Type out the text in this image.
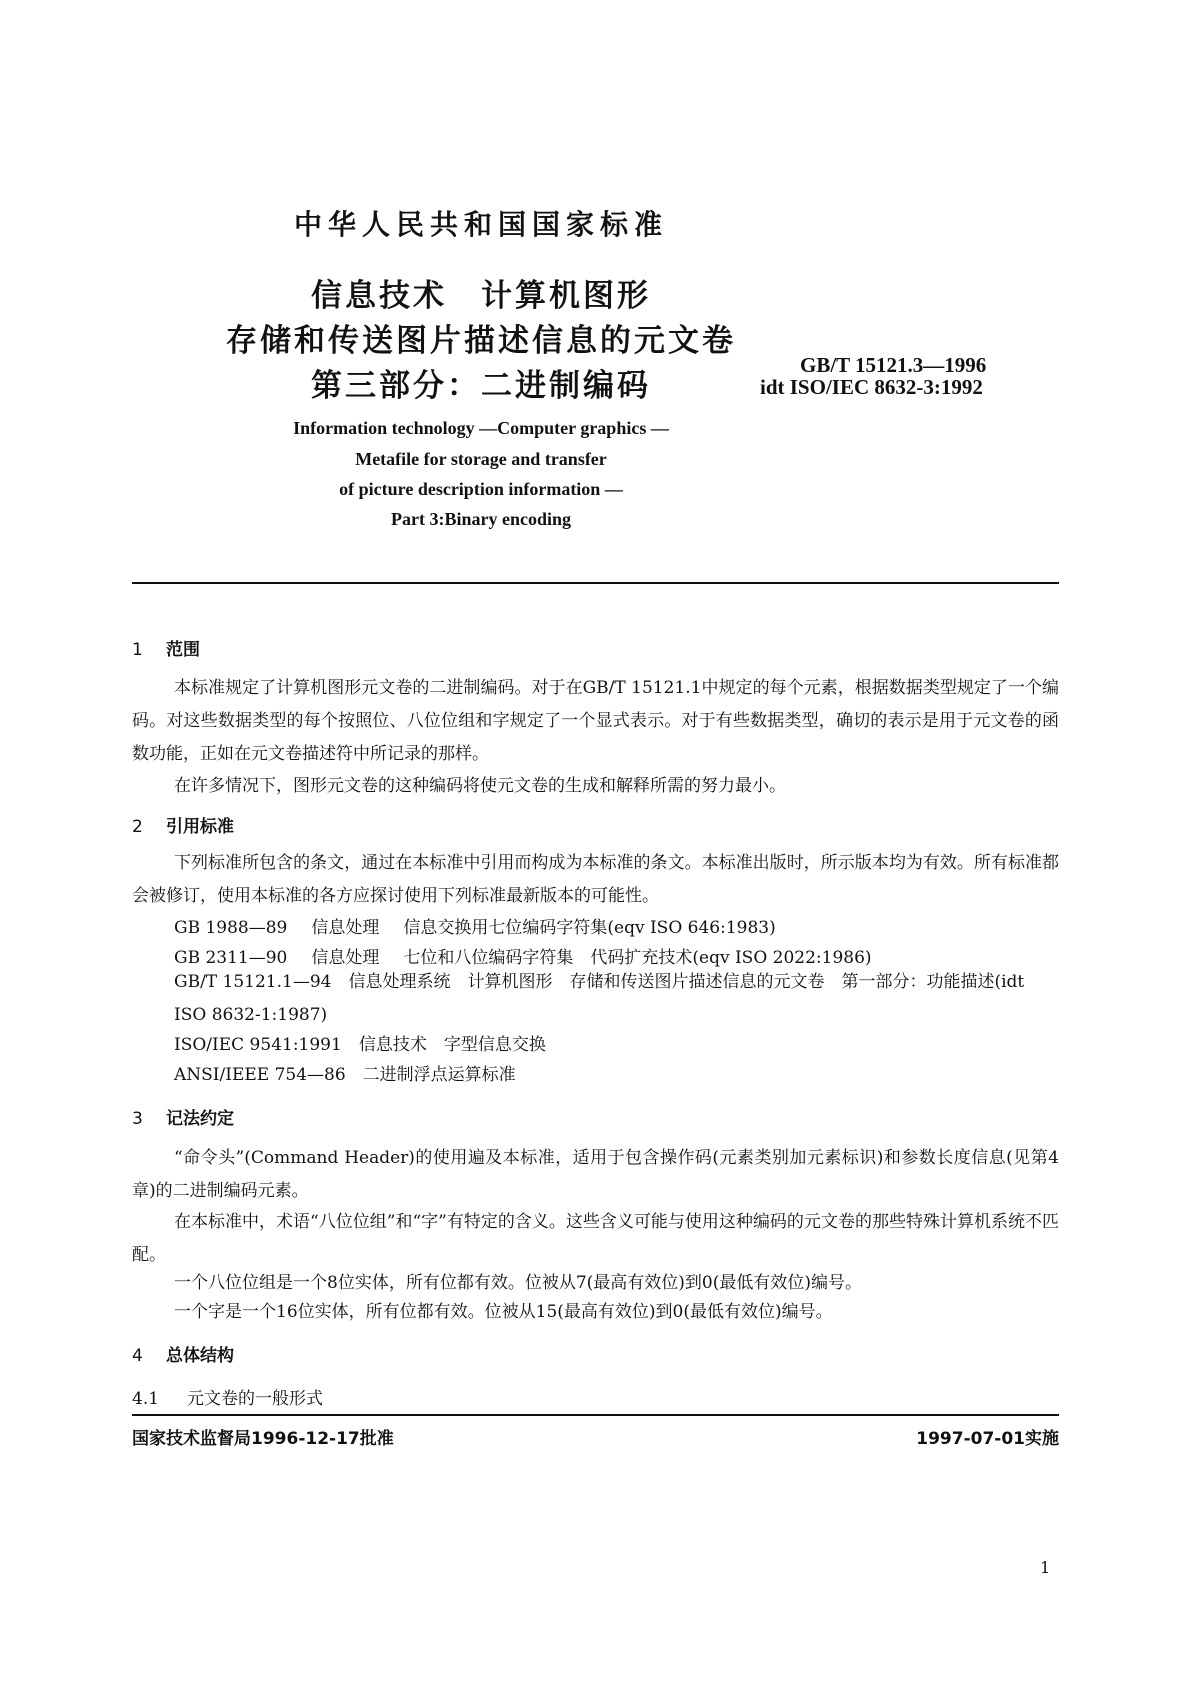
中华人民共和国国家标准
信息技术　计算机图形
存储和传送图片描述信息的元文卷
第三部分：二进制编码
GB/T 15121.3—1996
idt ISO/IEC 8632-3:1992
Information technology —Computer graphics —
Metafile for storage and transfer
of picture description information —
Part 3:Binary encoding
1 范围
本标准规定了计算机图形元文卷的二进制编码。对于在GB/T 15121.1中规定的每个元素，根据数据类型规定了一个编码。对这些数据类型的每个按照位、八位位组和字规定了一个显式表示。对于有些数据类型，确切的表示是用于元文卷的函数功能，正如在元文卷描述符中所记录的那样。
在许多情况下，图形元文卷的这种编码将使元文卷的生成和解释所需的努力最小。
2 引用标准
下列标准所包含的条文，通过在本标准中引用而构成为本标准的条文。本标准出版时，所示版本均为有效。所有标准都会被修订，使用本标准的各方应探讨使用下列标准最新版本的可能性。
GB 1988—89 信息处理 信息交换用七位编码字符集(eqv ISO 646:1983)
GB 2311—90 信息处理 七位和八位编码字符集　代码扩充技术(eqv ISO 2022:1986)
GB/T 15121.1—94　信息处理系统　计算机图形　存储和传送图片描述信息的元文卷　第一部分：功能描述(idt ISO 8632-1:1987)
ISO/IEC 9541:1991　信息技术　字型信息交换
ANSI/IEEE 754—86　二进制浮点运算标准
3 记法约定
“命令头”(Command Header)的使用遍及本标准，适用于包含操作码(元素类别加元素标识)和参数长度信息(见第4章)的二进制编码元素。
在本标准中，术语“八位位组”和“字”有特定的含义。这些含义可能与使用这种编码的元文卷的那些特殊计算机系统不匹配。
一个八位位组是一个8位实体，所有位都有效。位被从7(最高有效位)到0(最低有效位)编号。
一个字是一个16位实体，所有位都有效。位被从15(最高有效位)到0(最低有效位)编号。
4 总体结构
4.1 元文卷的一般形式
国家技术监督局1996-12-17批准	1997-07-01实施
1
